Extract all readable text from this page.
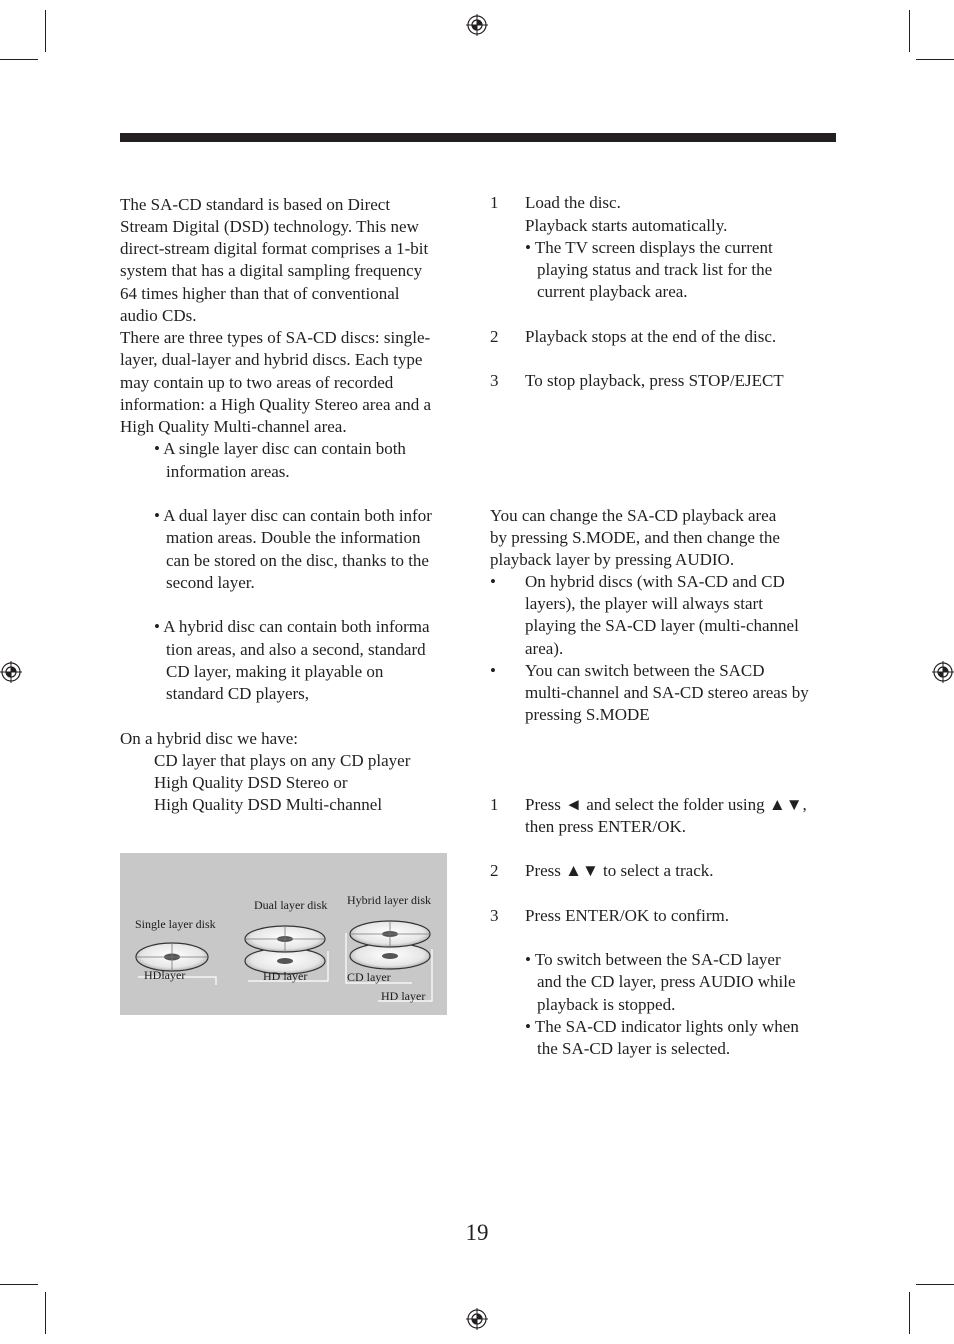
The SA-CD standard is based on Direct
Stream Digital (DSD) technology. This new
direct-stream digital format comprises a 1-bit
system that has a digital sampling frequency
64 times higher than that of conventional
audio CDs.
There are three types of SA-CD discs: single-
layer, dual-layer and hybrid discs. Each type
may contain up to two areas of recorded
information: a High Quality Stereo area and a
High Quality Multi-channel area.
• A single layer disc can contain both
information areas.
• A dual layer disc can contain both infor
mation areas. Double the information
can be stored on the disc, thanks to the
second layer.
• A hybrid disc can contain both informa
tion areas, and also a second, standard
CD layer, making it playable on
standard CD players,
On a hybrid disc we have:
CD layer that plays on any CD player
High Quality DSD Stereo or
High Quality DSD Multi-channel
Single layer disk
Dual layer disk Hybrid layer disk
HDlayer	HD layer	CD layer
HD layer
1 Load the disc.
Playback starts automatically.
• The TV screen displays the current
playing status and track list for the
current playback area.
2 Playback stops at the end of the disc.
3 To stop playback, press STOP/EJECT
You can change the SA-CD playback area
by pressing S.MODE, and then change the
playback layer by pressing AUDIO.
• On hybrid discs (with SA-CD and CD
layers), the player will always start
playing the SA-CD layer (multi-channel
area).
• You can switch between the SACD
multi-channel and SA-CD stereo areas by
pressing S.MODE
1 Press ◄ and select the folder using ▲▼,
then press ENTER/OK.
2 Press ▲▼ to select a track.
3 Press ENTER/OK to confirm.
• To switch between the SA-CD layer
and the CD layer, press AUDIO while
playback is stopped.
• The SA-CD indicator lights only when
the SA-CD layer is selected.
19
